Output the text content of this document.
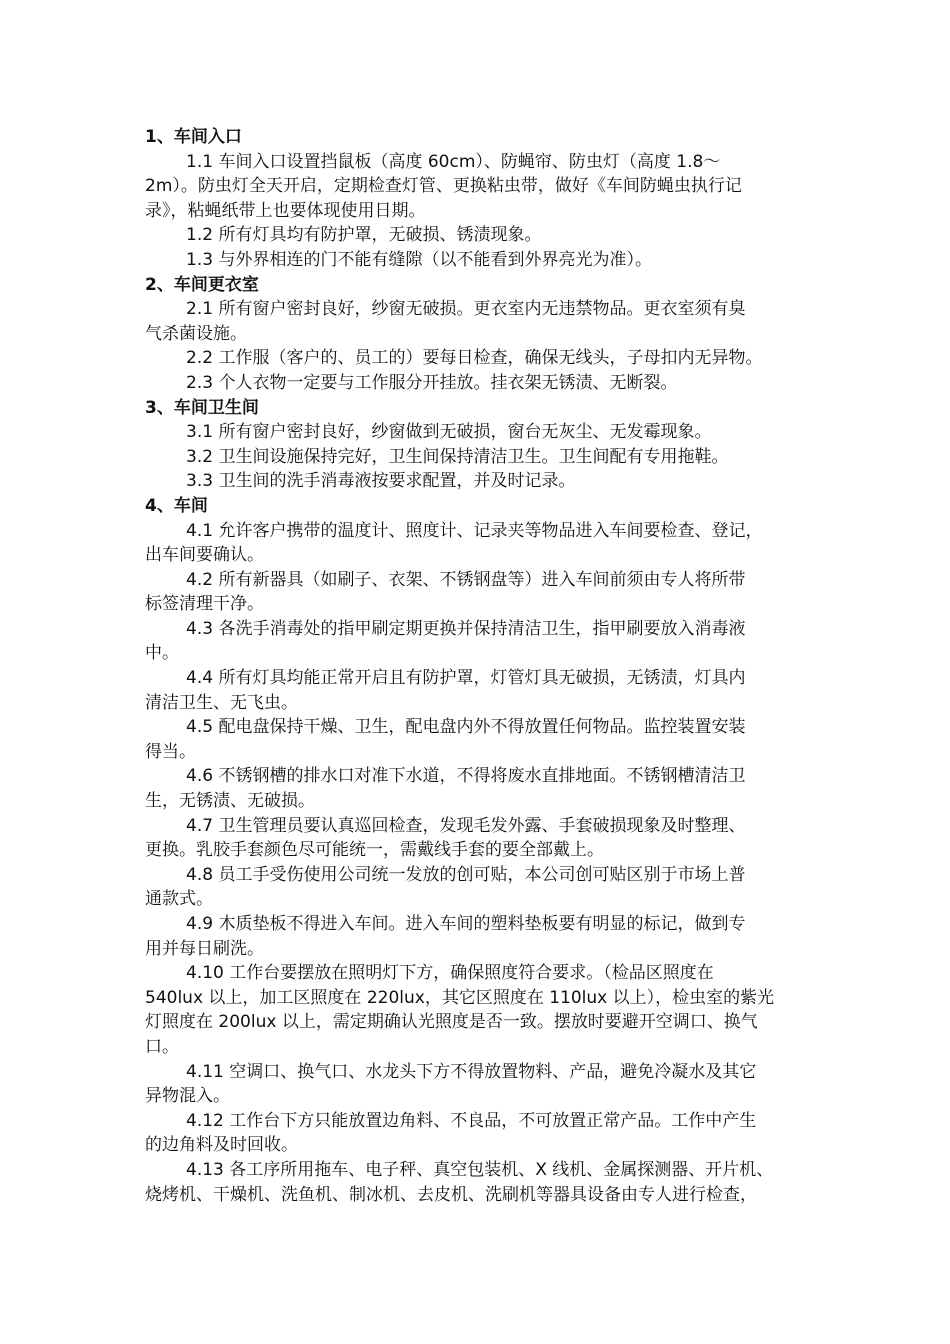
1、车间入口

1.1 车间入口设置挡鼠板（高度 60cm）、防蝇帘、防虫灯（高度 1.8～

2m）。防虫灯全天开启，定期检查灯管、更换粘虫带，做好《车间防蝇虫执行记

录》，粘蝇纸带上也要体现使用日期。

1.2 所有灯具均有防护罩，无破损、锈渍现象。

1.3 与外界相连的门不能有缝隙（以不能看到外界亮光为准）。

2、车间更衣室

2.1 所有窗户密封良好，纱窗无破损。更衣室内无违禁物品。更衣室须有臭

气杀菌设施。

2.2 工作服（客户的、员工的）要每日检查，确保无线头，子母扣内无异物。

2.3 个人衣物一定要与工作服分开挂放。挂衣架无锈渍、无断裂。

3、车间卫生间

3.1 所有窗户密封良好，纱窗做到无破损，窗台无灰尘、无发霉现象。

3.2 卫生间设施保持完好，卫生间保持清洁卫生。卫生间配有专用拖鞋。

3.3 卫生间的洗手消毒液按要求配置，并及时记录。

4、车间

4.1 允许客户携带的温度计、照度计、记录夹等物品进入车间要检查、登记，

出车间要确认。

4.2 所有新器具（如刷子、衣架、不锈钢盘等）进入车间前须由专人将所带

标签清理干净。

4.3 各洗手消毒处的指甲刷定期更换并保持清洁卫生，指甲刷要放入消毒液

中。

4.4 所有灯具均能正常开启且有防护罩，灯管灯具无破损，无锈渍，灯具内

清洁卫生、无飞虫。

4.5 配电盘保持干燥、卫生，配电盘内外不得放置任何物品。监控装置安装

得当。

4.6 不锈钢槽的排水口对准下水道，不得将废水直排地面。不锈钢槽清洁卫

生，无锈渍、无破损。

4.7 卫生管理员要认真巡回检查，发现毛发外露、手套破损现象及时整理、

更换。乳胶手套颜色尽可能统一，需戴线手套的要全部戴上。

4.8 员工手受伤使用公司统一发放的创可贴，本公司创可贴区别于市场上普

通款式。

4.9 木质垫板不得进入车间。进入车间的塑料垫板要有明显的标记，做到专

用并每日刷洗。

4.10 工作台要摆放在照明灯下方，确保照度符合要求。（检品区照度在

540lux 以上，加工区照度在 220lux，其它区照度在 110lux 以上），检虫室的紫光

灯照度在 200lux 以上，需定期确认光照度是否一致。摆放时要避开空调口、换气

口。

4.11 空调口、换气口、水龙头下方不得放置物料、产品，避免冷凝水及其它

异物混入。

4.12 工作台下方只能放置边角料、不良品，不可放置正常产品。工作中产生

的边角料及时回收。

4.13 各工序所用拖车、电子秤、真空包装机、X 线机、金属探测器、开片机、

烧烤机、干燥机、洗鱼机、制冰机、去皮机、洗刷机等器具设备由专人进行检查，
